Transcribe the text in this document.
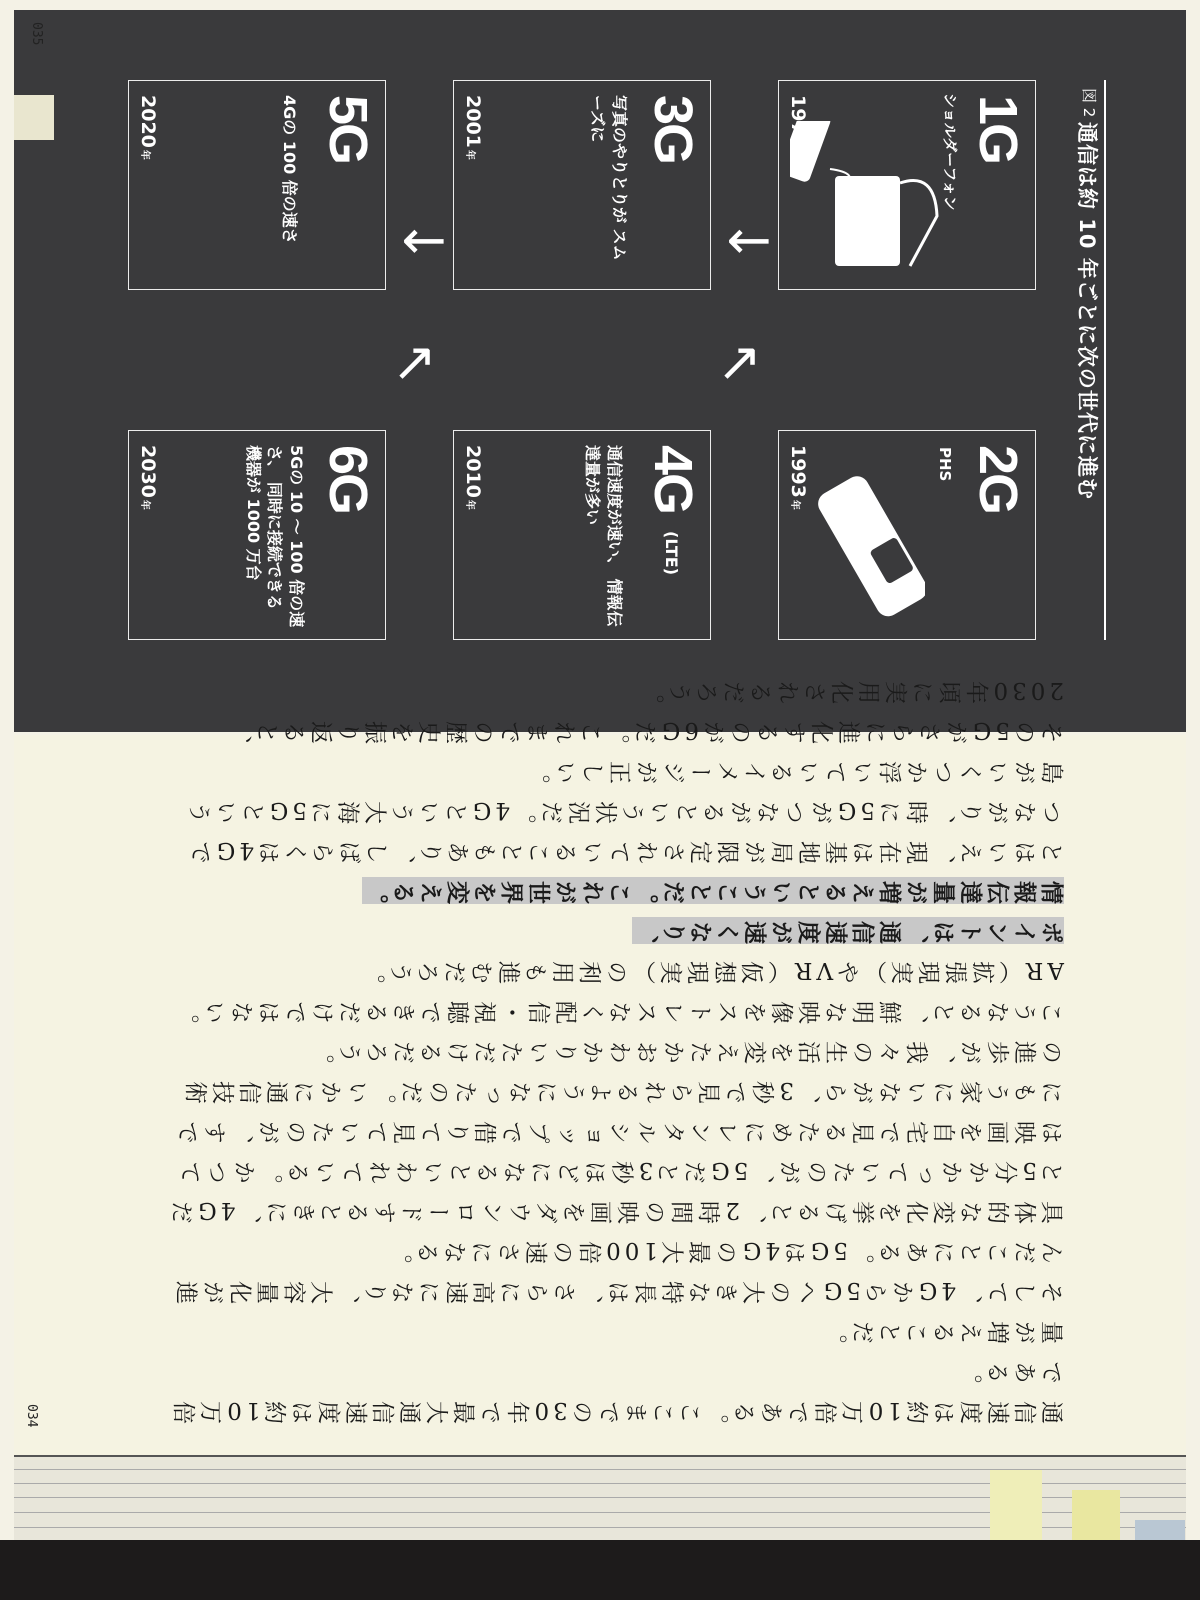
図 2
通信は約 10 年ごとに次の世代に進む
1G
ショルダーフォン
1979年
→
2G
PHS
1993年
3G
写真のやりとりが スムーズに
2001年
→
→
4G
(LTE)
通信速度が速い、 情報伝達量が多い
2010年
5G
4Gの 100 倍の速さ
2020年
→
6G
5Gの 10 〜 100 倍の速さ、 同時に接続できる 機器が 1000 万台
2030年
035
通信速度は約10万倍である。ここまでの30年で最大通信速度は約10万倍である。
量が増えることだ。
そして、4Gから5Gへの大きな特長は、さらに高速になり、大容量化が進んだことにある。5Gは4Gの最大100倍の速さになる。
具体的な変化を挙げると、2時間の映画をダウンロードするときに、4Gだと5分かかっていたのが、5Gだと3秒ほどになるといわれている。かつては映画を自宅で見るためにレンタルショップで借りて見ていたのが、すでにもう家にいながら、3秒で見られるようになったのだ。いかに通信技術の進歩が、我々の生活を変えたかおわかりいただけるだろう。
こうなると、鮮明な映像をストレスなく配信・視聴できるだけではない。AR（拡張現実）やVR（仮想現実）の利用も進むだろう。
ポイントは、通信速度が速くなり、
情報伝達量が増えるということだ。これが世界を変える。
とはいえ、現在は基地局が限定されていることもあり、しばらくは4Gでつながり、時に5Gがつながるという状況だ。4Gという大海に5Gという島がいくつか浮いているイメージが正しい。
その5Gがさらに進化するのが6Gだ。これまでの歴史を振り返ると、2030年頃に実用化されるだろう。
034
